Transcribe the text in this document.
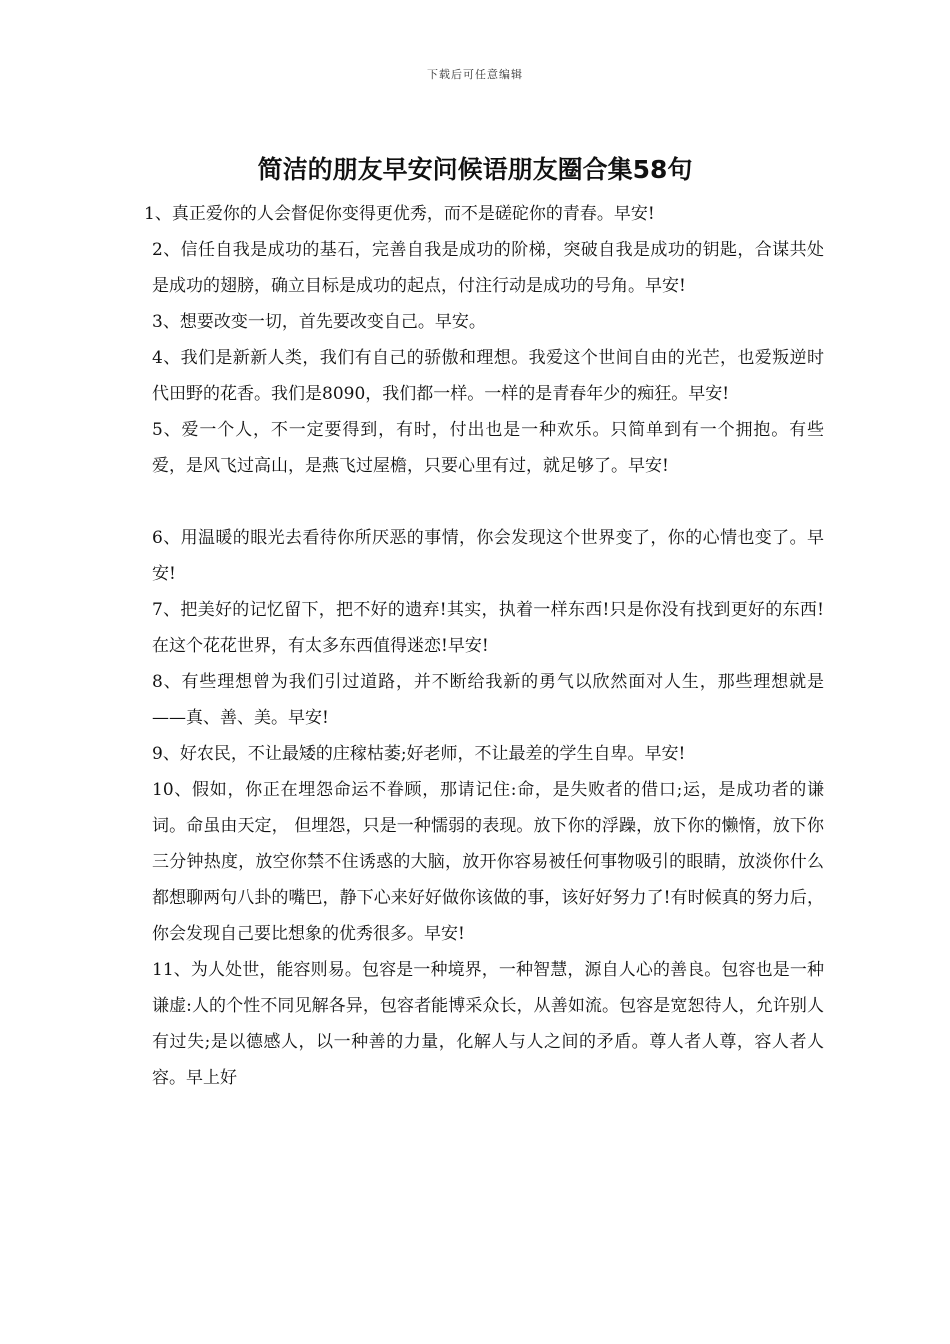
下载后可任意编辑
简洁的朋友早安问候语朋友圈合集58句

1、真正爱你的人会督促你变得更优秀，而不是磋砣你的青春。早安!

2、信任自我是成功的基石，完善自我是成功的阶梯，突破自我是成功的钥匙，合谋共处是成功的翅膀，确立目标是成功的起点，付注行动是成功的号角。早安!

3、想要改变一切，首先要改变自己。早安。

4、我们是新新人类，我们有自己的骄傲和理想。我爱这个世间自由的光芒，也爱叛逆时代田野的花香。我们是8090，我们都一样。一样的是青春年少的痴狂。早安!

5、爱一个人，不一定要得到，有时，付出也是一种欢乐。只简单到有一个拥抱。有些爱，是风飞过高山，是燕飞过屋檐，只要心里有过，就足够了。早安!

6、用温暖的眼光去看待你所厌恶的事情，你会发现这个世界变了，你的心情也变了。早安!

7、把美好的记忆留下，把不好的遗弃!其实，执着一样东西!只是你没有找到更好的东西!在这个花花世界，有太多东西值得迷恋!早安!

8、有些理想曾为我们引过道路，并不断给我新的勇气以欣然面对人生，那些理想就是——真、善、美。早安!

9、好农民，不让最矮的庄稼枯萎;好老师，不让最差的学生自卑。早安!

10、假如，你正在埋怨命运不眷顾，那请记住:命，是失败者的借口;运，是成功者的谦词。命虽由天定， 但埋怨，只是一种懦弱的表现。放下你的浮躁，放下你的懒惰，放下你三分钟热度，放空你禁不住诱惑的大脑，放开你容易被任何事物吸引的眼睛，放淡你什么都想聊两句八卦的嘴巴，静下心来好好做你该做的事，该好好努力了!有时候真的努力后，你会发现自己要比想象的优秀很多。早安!

11、为人处世，能容则易。包容是一种境界，一种智慧，源自人心的善良。包容也是一种谦虚:人的个性不同见解各异，包容者能博采众长，从善如流。包容是宽恕待人，允许别人有过失;是以德感人，以一种善的力量，化解人与人之间的矛盾。尊人者人尊，容人者人容。早上好
